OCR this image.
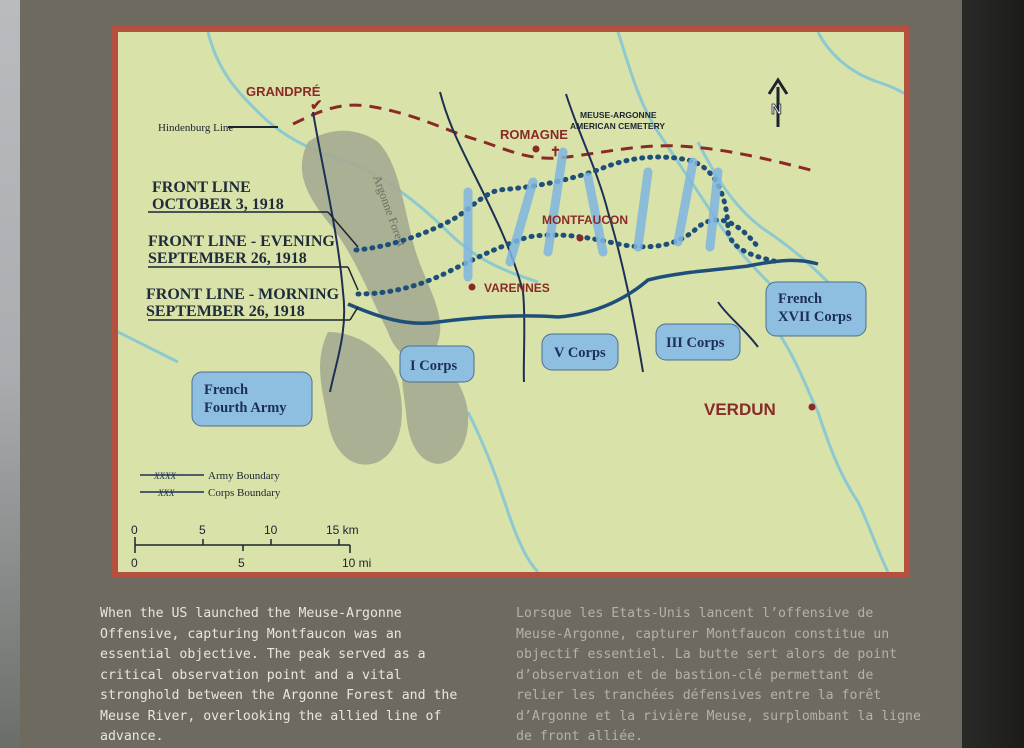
Argonne Forest
✝
GRANDPRÉ
✔
ROMAGNE
MEUSE-ARGONNE
AMERICAN CEMETERY
MONTFAUCON
VARENNES
VERDUN
Hindenburg Line
N
FRONT LINE
OCTOBER 3, 1918
FRONT LINE - EVENING
SEPTEMBER 26, 1918
FRONT LINE - MORNING
SEPTEMBER 26, 1918
French
Fourth Army
I Corps
V Corps
III Corps
French
XVII Corps
XXXX	Army Boundary
XXX	Corps Boundary
0	5	10	15 km
0	5	10 mi
When the US launched the Meuse-Argonne Offensive, capturing Montfaucon was an essential objective. The peak served as a critical observation point and a vital stronghold between the Argonne Forest and the Meuse River, overlooking the allied line of advance.
Lorsque les Etats-Unis lancent l’offensive de Meuse-Argonne, capturer Montfaucon constitue un objectif essentiel. La butte sert alors de point d’observation et de bastion-clé permettant de relier les tranchées défensives entre la forêt d’Argonne et la rivière Meuse, surplombant la ligne de front alliée.
